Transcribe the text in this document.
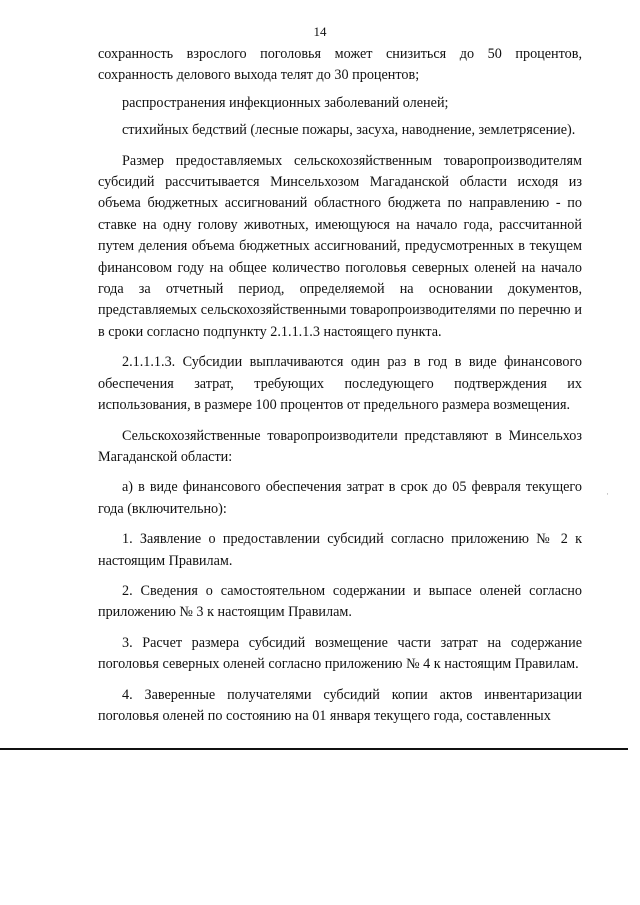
14

сохранность взрослого поголовья может снизиться до 50 процентов, сохранность делового выхода телят до 30 процентов;

распространения инфекционных заболеваний оленей;

стихийных бедствий (лесные пожары, засуха, наводнение, землетрясение).

Размер предоставляемых сельскохозяйственным товаропроизводителям субсидий рассчитывается Минсельхозом Магаданской области исходя из объема бюджетных ассигнований областного бюджета по направлению - по ставке на одну голову животных, имеющуюся на начало года, рассчитанной путем деления объема бюджетных ассигнований, предусмотренных в текущем финансовом году на общее количество поголовья северных оленей на начало года за отчетный период, определяемой на основании документов, представляемых сельскохозяйственными товаропроизводителями по перечню и в сроки согласно подпункту 2.1.1.1.3 настоящего пункта.

2.1.1.1.3. Субсидии выплачиваются один раз в год в виде финансового обеспечения затрат, требующих последующего подтверждения их использования, в размере 100 процентов от предельного размера возмещения.

Сельскохозяйственные товаропроизводители представляют в Минсельхоз Магаданской области:

а) в виде финансового обеспечения затрат в срок до 05 февраля текущего года (включительно):

1. Заявление о предоставлении субсидий согласно приложению № 2 к настоящим Правилам.

2. Сведения о самостоятельном содержании и выпасе оленей согласно приложению № 3 к настоящим Правилам.

3. Расчет размера субсидий возмещение части затрат на содержание поголовья северных оленей согласно приложению № 4 к настоящим Правилам.

4. Заверенные получателями субсидий копии актов инвентаризации поголовья оленей по состоянию на 01 января текущего года, составленных

·
